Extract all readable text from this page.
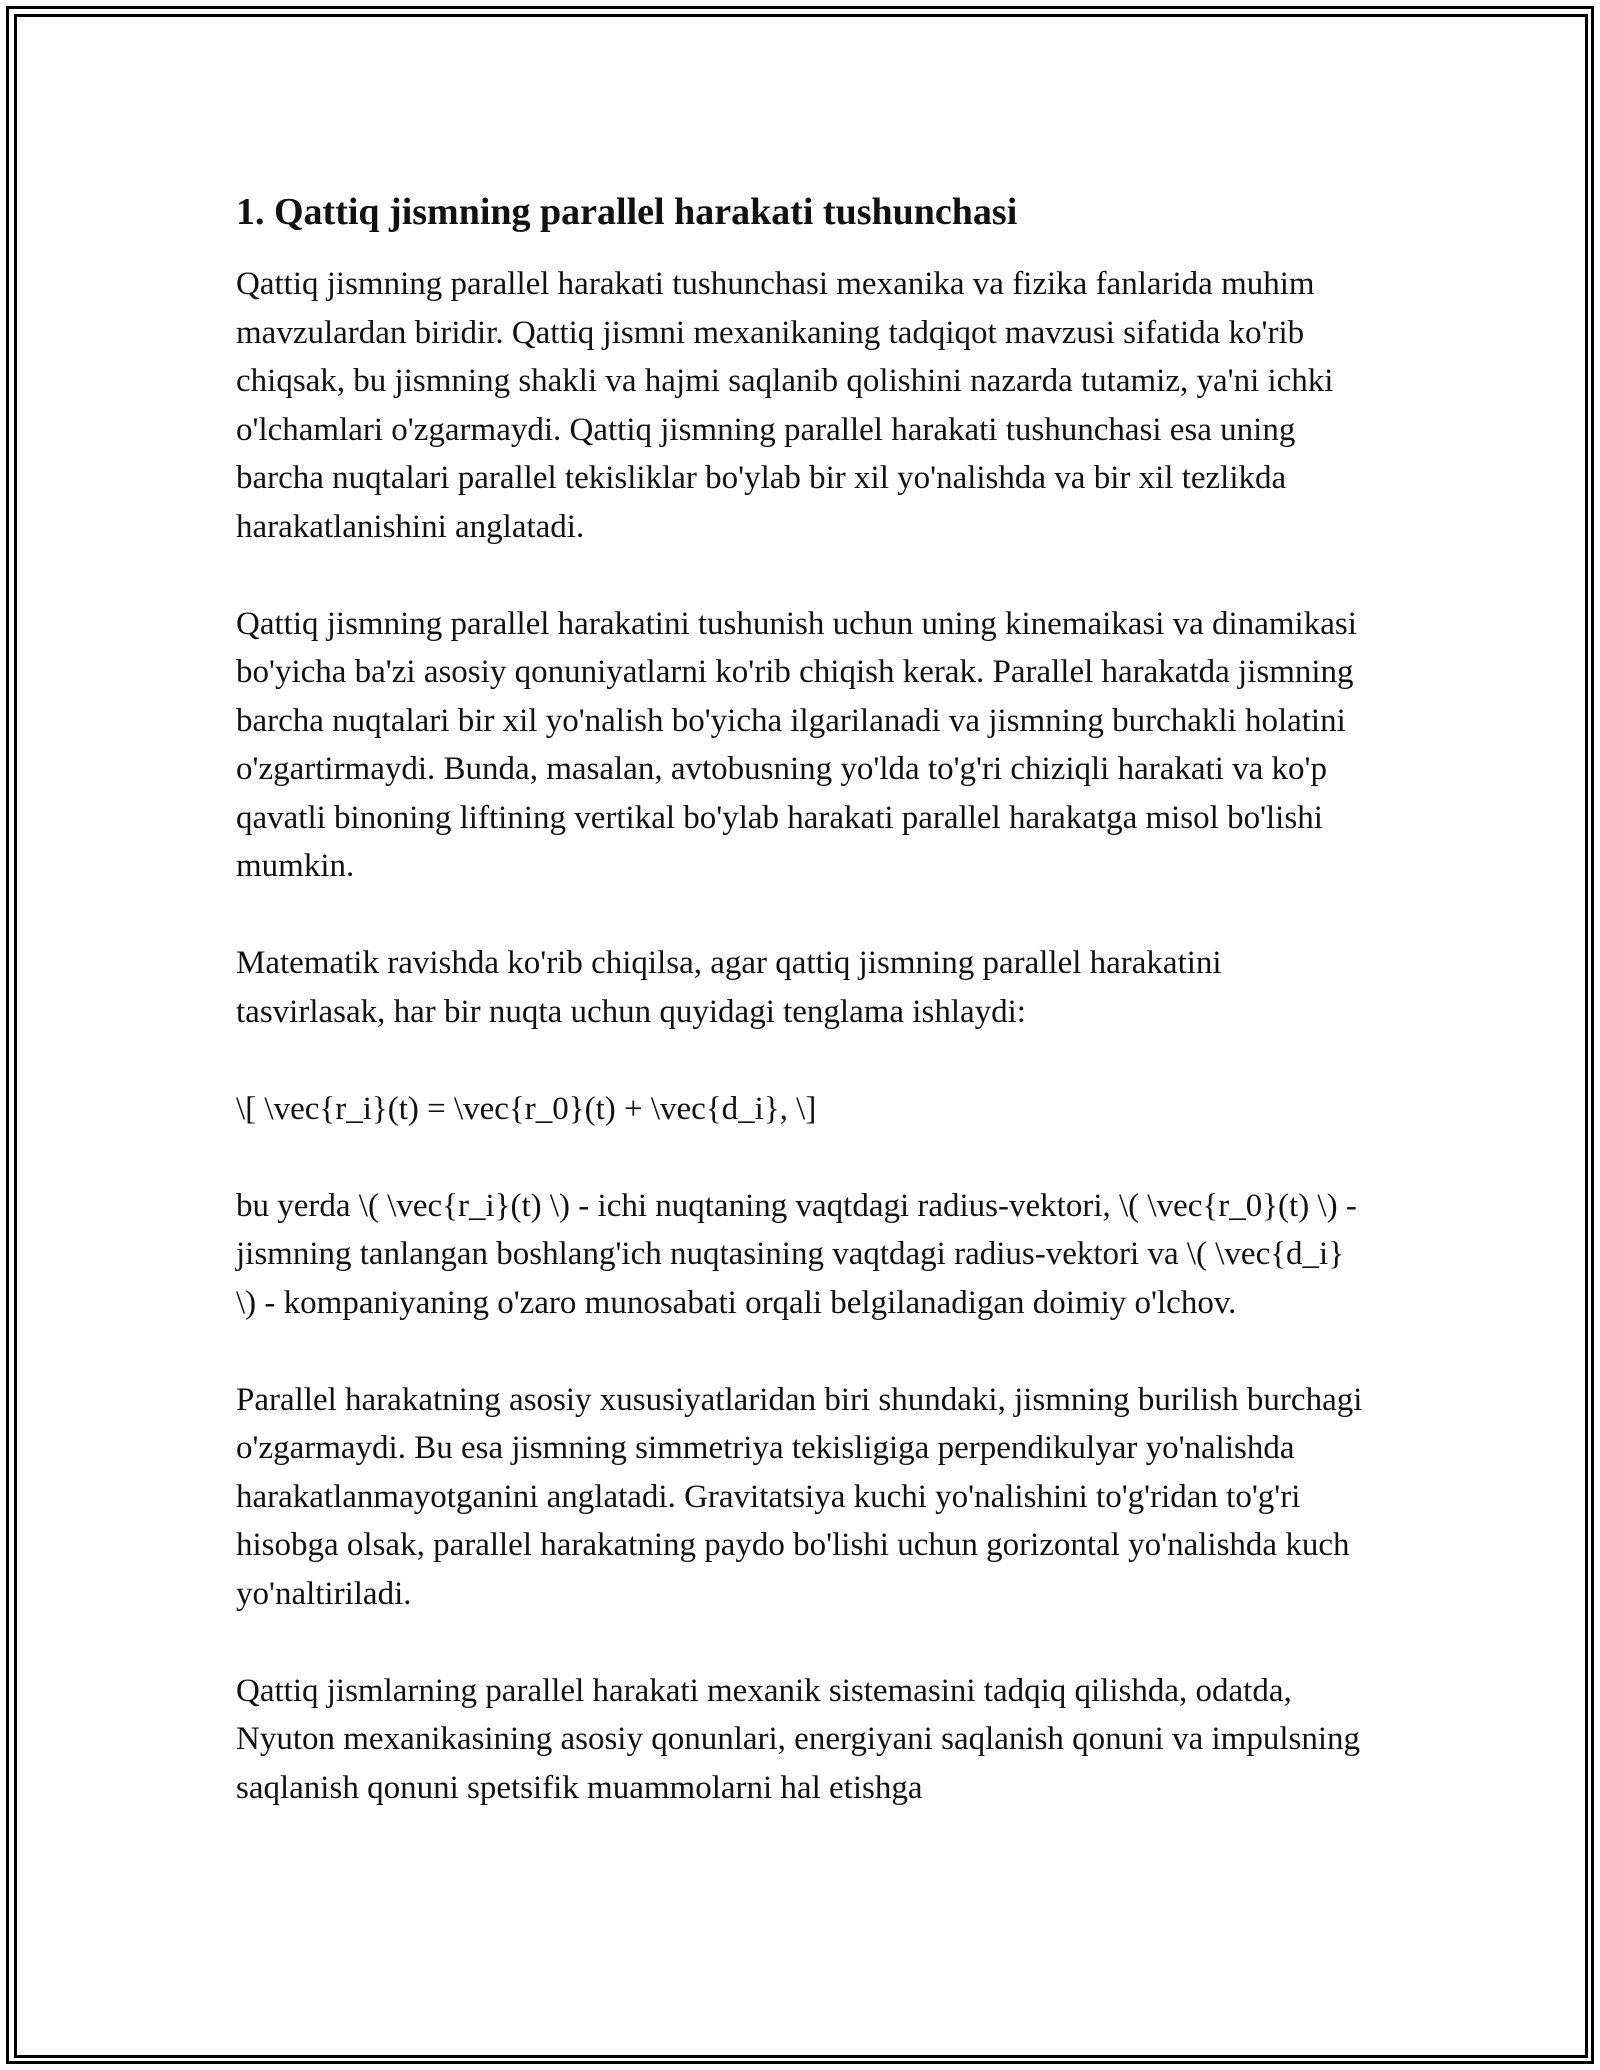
1. Qattiq jismning parallel harakati tushunchasi

Qattiq jismning parallel harakati tushunchasi mexanika va fizika fanlarida muhim mavzulardan biridir. Qattiq jismni mexanikaning tadqiqot mavzusi sifatida ko'rib chiqsak, bu jismning shakli va hajmi saqlanib qolishini nazarda tutamiz, ya'ni ichki o'lchamlari o'zgarmaydi. Qattiq jismning parallel harakati tushunchasi esa uning barcha nuqtalari parallel tekisliklar bo'ylab bir xil yo'nalishda va bir xil tezlikda harakatlanishini anglatadi.

Qattiq jismning parallel harakatini tushunish uchun uning kinemaikasi va dinamikasi bo'yicha ba'zi asosiy qonuniyatlarni ko'rib chiqish kerak. Parallel harakatda jismning barcha nuqtalari bir xil yo'nalish bo'yicha ilgarilanadi va jismning burchakli holatini o'zgartirmaydi. Bunda, masalan, avtobusning yo'lda to'g'ri chiziqli harakati va ko'p qavatli binoning liftining vertikal bo'ylab harakati parallel harakatga misol bo'lishi mumkin.

Matematik ravishda ko'rib chiqilsa, agar qattiq jismning parallel harakatini tasvirlasak, har bir nuqta uchun quyidagi tenglama ishlaydi:

\[ \vec{r_i}(t) = \vec{r_0}(t) + \vec{d_i}, \]

bu yerda \( \vec{r_i}(t) \) - ichi nuqtaning vaqtdagi radius-vektori, \( \vec{r_0}(t) \) - jismning tanlangan boshlang'ich nuqtasining vaqtdagi radius-vektori va \( \vec{d_i} \) - kompaniyaning o'zaro munosabati orqali belgilanadigan doimiy o'lchov.

Parallel harakatning asosiy xususiyatlaridan biri shundaki, jismning burilish burchagi o'zgarmaydi. Bu esa jismning simmetriya tekisligiga perpendikulyar yo'nalishda harakatlanmayotganini anglatadi. Gravitatsiya kuchi yo'nalishini to'g'ridan to'g'ri hisobga olsak, parallel harakatning paydo bo'lishi uchun gorizontal yo'nalishda kuch yo'naltiriladi.

Qattiq jismlarning parallel harakati mexanik sistemasini tadqiq qilishda, odatda, Nyuton mexanikasining asosiy qonunlari, energiyani saqlanish qonuni va impulsning saqlanish qonuni spetsifik muammolarni hal etishga
